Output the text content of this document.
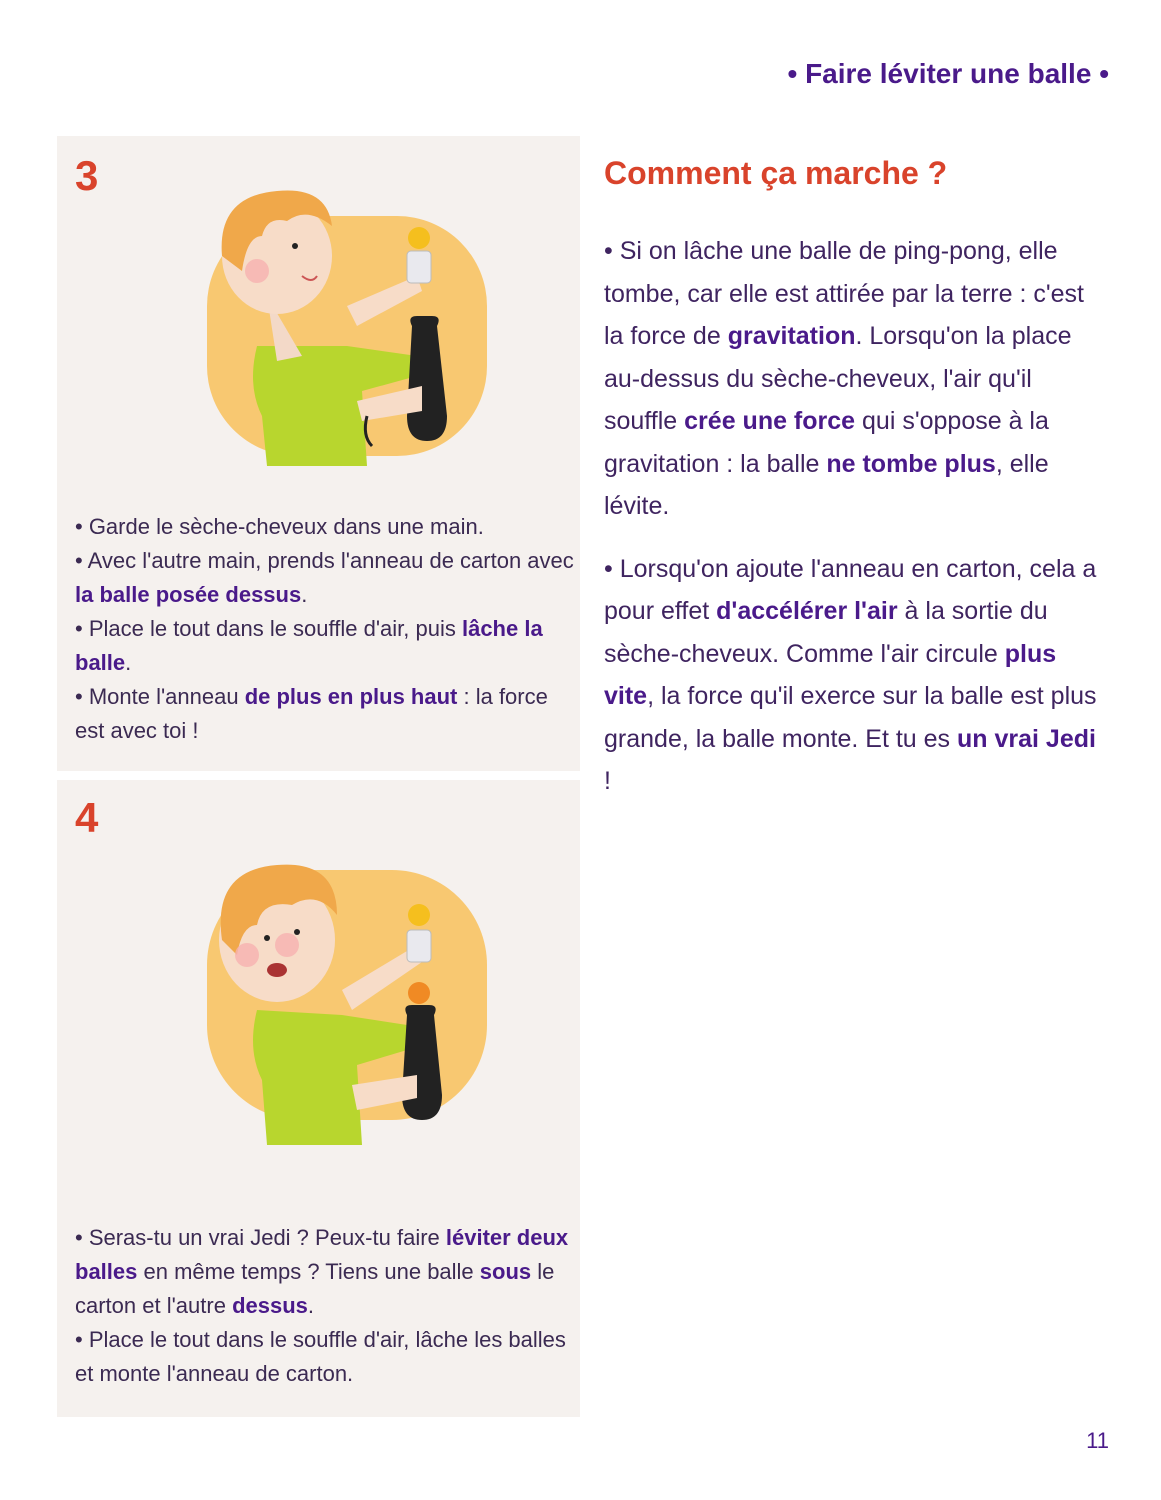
• Faire léviter une balle •
3

• Garde le sèche-cheveux dans une main.

• Avec l'autre main, prends l'anneau de carton avec la balle posée dessus.

• Place le tout dans le souffle d'air, puis lâche la balle.

• Monte l'anneau de plus en plus haut : la force est avec toi !

4

• Seras-tu un vrai Jedi ? Peux-tu faire léviter deux balles en même temps ? Tiens une balle sous le carton et l'autre dessus.

• Place le tout dans le souffle d'air, lâche les balles et monte l'anneau de carton.

Comment ça marche ?

• Si on lâche une balle de ping-pong, elle tombe, car elle est attirée par la terre : c'est la force de gravitation. Lorsqu'on la place au-dessus du sèche-cheveux, l'air qu'il souffle crée une force qui s'oppose à la gravitation : la balle ne tombe plus, elle lévite.

• Lorsqu'on ajoute l'anneau en carton, cela a pour effet d'accélérer l'air à la sortie du sèche-cheveux. Comme l'air circule plus vite, la force qu'il exerce sur la balle est plus grande, la balle monte. Et tu es un vrai Jedi !

11
